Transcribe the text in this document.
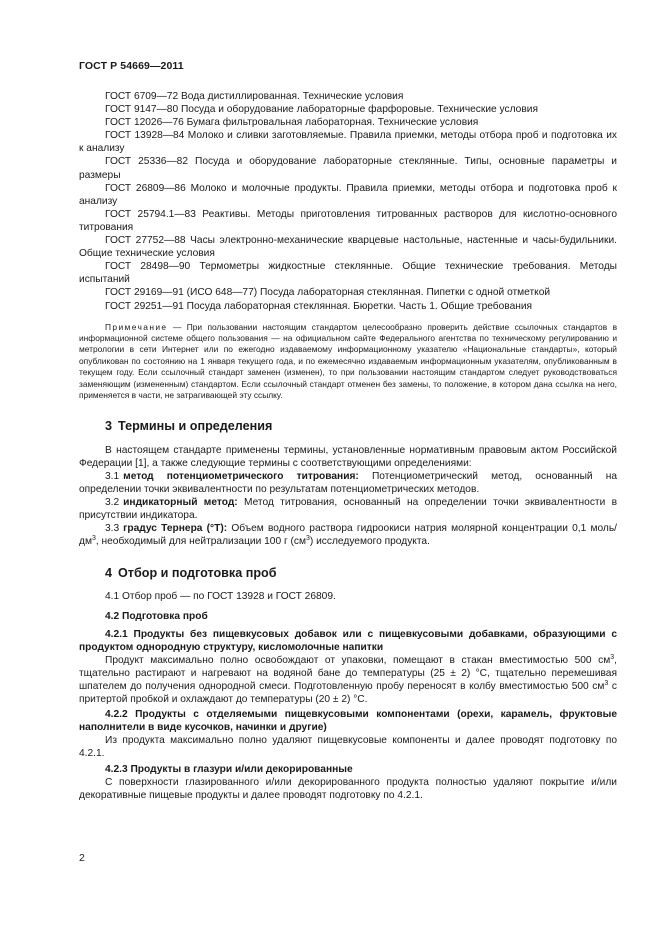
ГОСТ Р 54669—2011

ГОСТ 6709—72 Вода дистиллированная. Технические условия

ГОСТ 9147—80 Посуда и оборудование лабораторные фарфоровые. Технические условия

ГОСТ 12026—76 Бумага фильтровальная лабораторная. Технические условия

ГОСТ 13928—84 Молоко и сливки заготовляемые. Правила приемки, методы отбора проб и подготовка их к анализу

ГОСТ 25336—82 Посуда и оборудование лабораторные стеклянные. Типы, основные параметры и размеры

ГОСТ 26809—86 Молоко и молочные продукты. Правила приемки, методы отбора и подготовка проб к анализу

ГОСТ 25794.1—83 Реактивы. Методы приготовления титрованных растворов для кислотно-основного титрования

ГОСТ 27752—88 Часы электронно-механические кварцевые настольные, настенные и часы-будильники. Общие технические условия

ГОСТ 28498—90 Термометры жидкостные стеклянные. Общие технические требования. Методы испытаний

ГОСТ 29169—91 (ИСО 648—77) Посуда лабораторная стеклянная. Пипетки с одной отметкой

ГОСТ 29251—91 Посуда лабораторная стеклянная. Бюретки. Часть 1. Общие требования

Примечание — При пользовании настоящим стандартом целесообразно проверить действие ссылочных стандартов в информационной системе общего пользования — на официальном сайте Федерального агентства по техническому регулированию и метрологии в сети Интернет или по ежегодно издаваемому информационному указателю «Национальные стандарты», который опубликован по состоянию на 1 января текущего года, и по ежемесячно издаваемым информационным указателям, опубликованным в текущем году. Если ссылочный стандарт заменен (изменен), то при пользовании настоящим стандартом следует руководствоваться заменяющим (измененным) стандартом. Если ссылочный стандарт отменен без замены, то положение, в котором дана ссылка на него, применяется в части, не затрагивающей эту ссылку.

3 Термины и определения

В настоящем стандарте применены термины, установленные нормативным правовым актом Российской Федерации [1], а также следующие термины с соответствующими определениями:

3.1 метод потенциометрического титрования: Потенциометрический метод, основанный на определении точки эквивалентности по результатам потенциометрических методов.

3.2 индикаторный метод: Метод титрования, основанный на определении точки эквивалентности в присутствии индикатора.

3.3 градус Тернера (°Т): Объем водного раствора гидроокиси натрия молярной концентрации 0,1 моль/$дм^3$, необходимый для нейтрализации 100 г $(см^3)$ исследуемого продукта.

4 Отбор и подготовка проб

4.1 Отбор проб — по ГОСТ 13928 и ГОСТ 26809.

4.2 Подготовка проб

4.2.1 Продукты без пищевкусовых добавок или с пищевкусовыми добавками, образующими с продуктом однородную структуру, кисломолочные напитки

Продукт максимально полно освобождают от упаковки, помещают в стакан вместимостью 500 $см^3$, тщательно растирают и нагревают на водяной бане до температуры (25 ± 2) °С, тщательно перемешивая шпателем до получения однородной смеси. Подготовленную пробу переносят в колбу вместимостью 500 $см^3$ с притертой пробкой и охлаждают до температуры (20 ± 2) °С.

4.2.2 Продукты с отделяемыми пищевкусовыми компонентами (орехи, карамель, фруктовые наполнители в виде кусочков, начинки и другие)

Из продукта максимально полно удаляют пищевкусовые компоненты и далее проводят подготовку по 4.2.1.

4.2.3 Продукты в глазури и/или декорированные

С поверхности глазированного и/или декорированного продукта полностью удаляют покрытие и/или декоративные пищевые продукты и далее проводят подготовку по 4.2.1.

2
